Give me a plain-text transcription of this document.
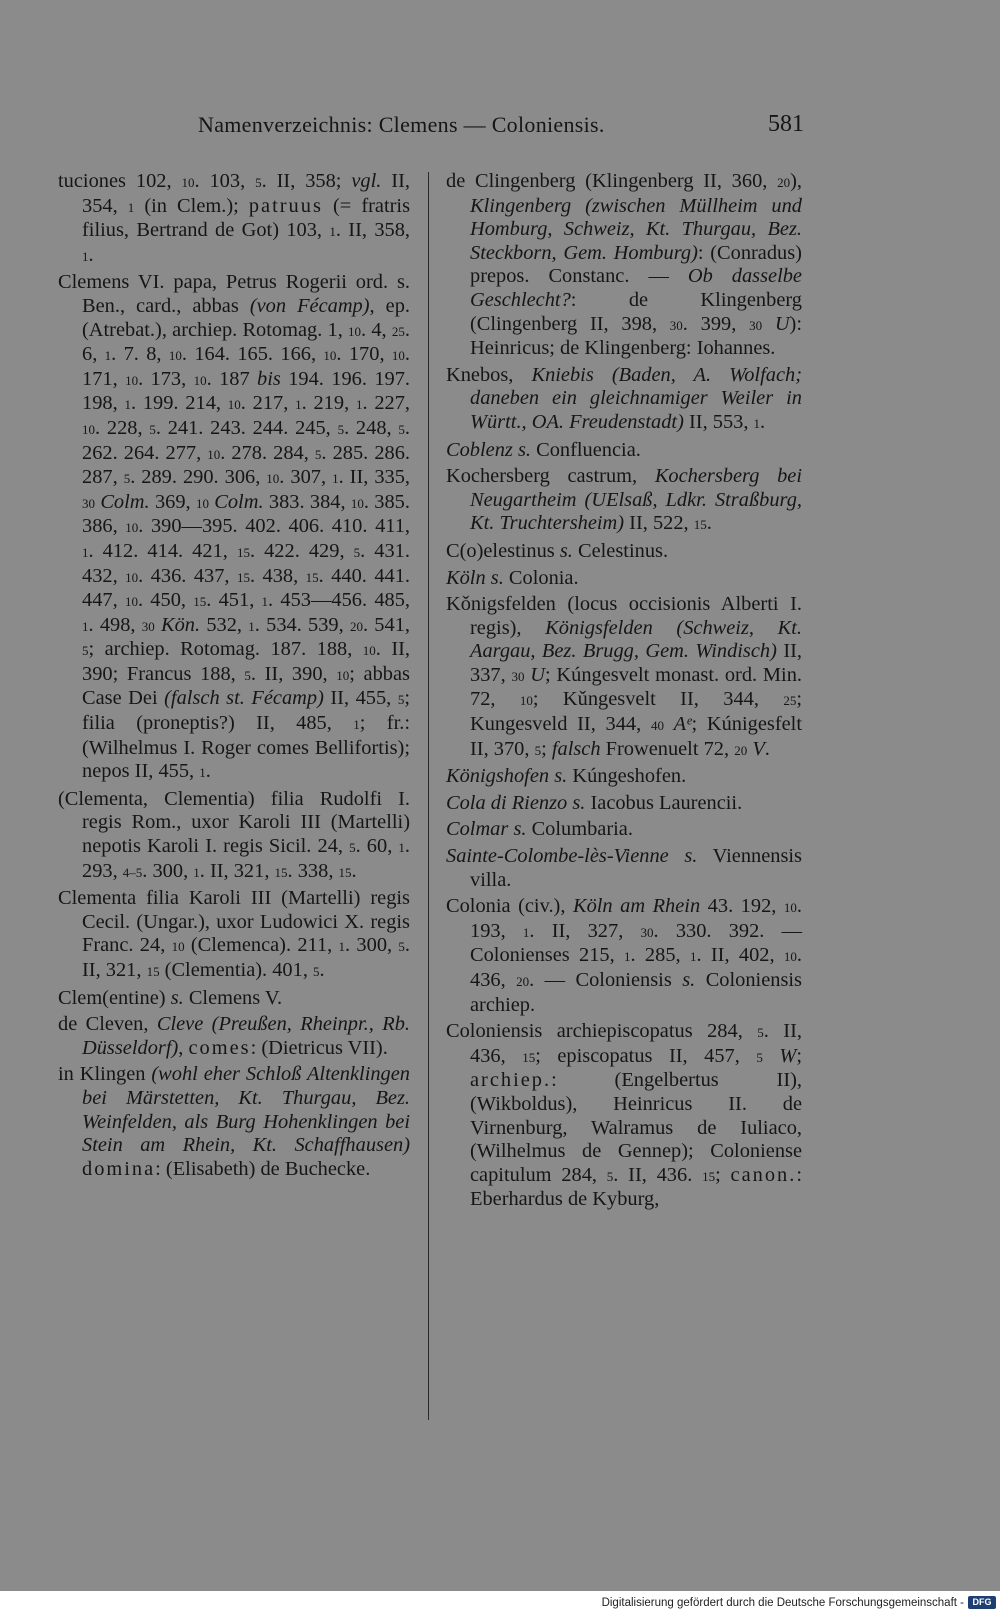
Namenverzeichnis: Clemens — Coloniensis.	581

tuciones 102, 10. 103, 5. II, 358; vgl. II, 354, 1 (in Clem.); patruus (= fratris filius, Bertrand de Got) 103, 1. II, 358, 1.

Clemens VI. papa, Petrus Rogerii ord. s. Ben., card., abbas (von Fécamp), ep. (Atrebat.), archiep. Rotomag. 1, 10. 4, 25. 6, 1. 7. 8, 10. 164. 165. 166, 10. 170, 10. 171, 10. 173, 10. 187 bis 194. 196. 197. 198, 1. 199. 214, 10. 217, 1. 219, 1. 227, 10. 228, 5. 241. 243. 244. 245, 5. 248, 5. 262. 264. 277, 10. 278. 284, 5. 285. 286. 287, 5. 289. 290. 306, 10. 307, 1. II, 335, 30 Colm. 369, 10 Colm. 383. 384, 10. 385. 386, 10. 390—395. 402. 406. 410. 411, 1. 412. 414. 421, 15. 422. 429, 5. 431. 432, 10. 436. 437, 15. 438, 15. 440. 441. 447, 10. 450, 15. 451, 1. 453—456. 485, 1. 498, 30 Kön. 532, 1. 534. 539, 20. 541, 5; archiep. Rotomag. 187. 188, 10. II, 390; Francus 188, 5. II, 390, 10; abbas Case Dei (falsch st. Fécamp) II, 455, 5; filia (proneptis?) II, 485, 1; fr.: (Wilhelmus I. Roger comes Bellifortis); nepos II, 455, 1.

(Clementa, Clementia) filia Rudolfi I. regis Rom., uxor Karoli III (Martelli) nepotis Karoli I. regis Sicil. 24, 5. 60, 1. 293, 4–5. 300, 1. II, 321, 15. 338, 15.

Clementa filia Karoli III (Martelli) regis Cecil. (Ungar.), uxor Ludowici X. regis Franc. 24, 10 (Clemenca). 211, 1. 300, 5. II, 321, 15 (Clementia). 401, 5.

Clem(entine) s. Clemens V.

de Cleven, Cleve (Preußen, Rheinpr., Rb. Düsseldorf), comes: (Dietricus VII).

in Klingen (wohl eher Schloß Altenklingen bei Märstetten, Kt. Thurgau, Bez. Weinfelden, als Burg Hohenklingen bei Stein am Rhein, Kt. Schaffhausen) domina: (Elisabeth) de Buchecke.

de Clingenberg (Klingenberg II, 360, 20), Klingenberg (zwischen Müllheim und Homburg, Schweiz, Kt. Thurgau, Bez. Steckborn, Gem. Homburg): (Conradus) prepos. Constanc. — Ob dasselbe Geschlecht?: de Klingenberg (Clingenberg II, 398, 30. 399, 30 U): Heinricus; de Klingenberg: Iohannes.

Knebos, Kniebis (Baden, A. Wolfach; daneben ein gleichnamiger Weiler in Württ., OA. Freudenstadt) II, 553, 1.

Coblenz s. Confluencia.

Kochersberg castrum, Kochersberg bei Neugartheim (UElsaß, Ldkr. Straßburg, Kt. Truchtersheim) II, 522, 15.

C(o)elestinus s. Celestinus.

Köln s. Colonia.

Kǒnigsfelden (locus occisionis Alberti I. regis), Königsfelden (Schweiz, Kt. Aargau, Bez. Brugg, Gem. Windisch) II, 337, 30 U; Kúngesvelt monast. ord. Min. 72, 10; Kǔngesvelt II, 344, 25; Kungesveld II, 344, 40 Aᵉ; Kúnigesfelt II, 370, 5; falsch Frowenuelt 72, 20 V.

Königshofen s. Kúngeshofen.

Cola di Rienzo s. Iacobus Laurencii.

Colmar s. Columbaria.

Sainte-Colombe-lès-Vienne s. Viennensis villa.

Colonia (civ.), Köln am Rhein 43. 192, 10. 193, 1. II, 327, 30. 330. 392. — Colonienses 215, 1. 285, 1. II, 402, 10. 436, 20. — Coloniensis s. Coloniensis archiep.

Coloniensis archiepiscopatus 284, 5. II, 436, 15; episcopatus II, 457, 5 W; archiep.: (Engelbertus II), (Wikboldus), Heinricus II. de Virnenburg, Walramus de Iuliaco, (Wilhelmus de Gennep); Coloniense capitulum 284, 5. II, 436. 15; canon.: Eberhardus de Kyburg,

Digitalisierung gefördert durch die Deutsche Forschungsgemeinschaft - DFG
